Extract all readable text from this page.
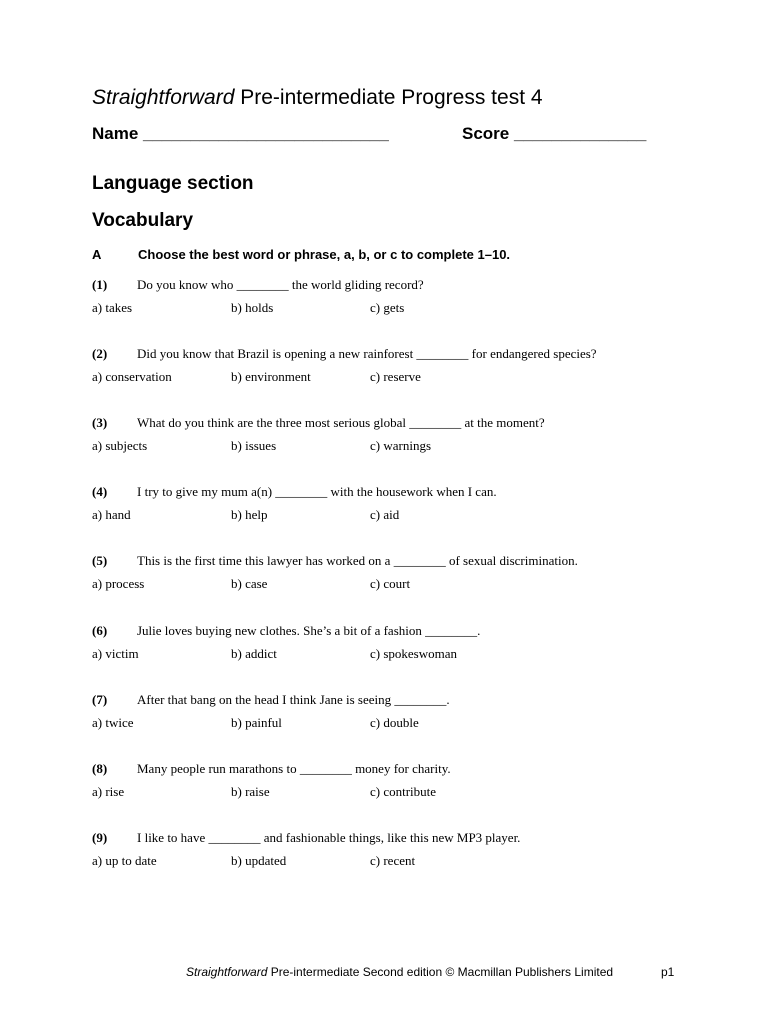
Straightforward Pre-intermediate Progress test 4
Name __________________________	Score ______________
Language section
Vocabulary
A	Choose the best word or phrase, a, b, or c to complete 1–10.
(1) Do you know who ________ the world gliding record?
a) takes	b) holds	c) gets
(2) Did you know that Brazil is opening a new rainforest ________ for endangered species?
a) conservation	b) environment	c) reserve
(3) What do you think are the three most serious global ________ at the moment?
a) subjects	b) issues	c) warnings
(4) I try to give my mum a(n) ________ with the housework when I can.
a) hand	b) help	c) aid
(5) This is the first time this lawyer has worked on a ________ of sexual discrimination.
a) process	b) case	c) court
(6) Julie loves buying new clothes. She’s a bit of a fashion ________.
a) victim	b) addict	c) spokeswoman
(7) After that bang on the head I think Jane is seeing ________.
a) twice	b) painful	c) double
(8) Many people run marathons to ________ money for charity.
a) rise	b) raise	c) contribute
(9) I like to have ________ and fashionable things, like this new MP3 player.
a) up to date	b) updated	c) recent
Straightforward Pre-intermediate Second edition © Macmillan Publishers Limited	p1
